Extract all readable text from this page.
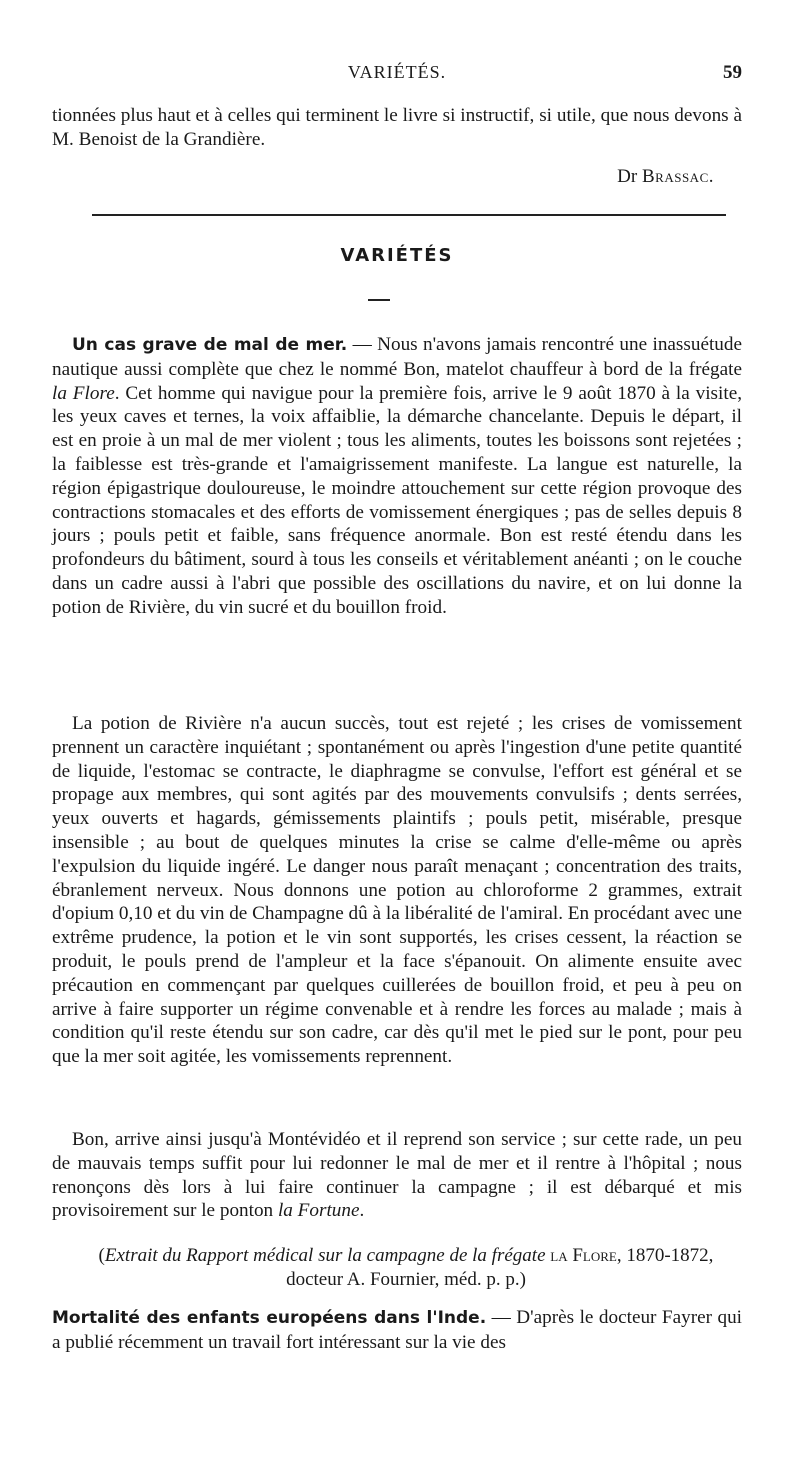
VARIÉTÉS.	59

tionnées plus haut et à celles qui terminent le livre si instructif, si utile, que nous devons à M. Benoist de la Grandière.

Dr Brassac.
VARIÉTÉS

Un cas grave de mal de mer. — Nous n'avons jamais rencontré une inassuétude nautique aussi complète que chez le nommé Bon, matelot chauffeur à bord de la frégate la Flore. Cet homme qui navigue pour la première fois, arrive le 9 août 1870 à la visite, les yeux caves et ternes, la voix affaiblie, la démarche chancelante. Depuis le départ, il est en proie à un mal de mer violent ; tous les aliments, toutes les boissons sont rejetées ; la faiblesse est très-grande et l'amaigrissement manifeste. La langue est naturelle, la région épigastrique douloureuse, le moindre attouchement sur cette région provoque des contractions stomacales et des efforts de vomissement énergiques ; pas de selles depuis 8 jours ; pouls petit et faible, sans fréquence anormale. Bon est resté étendu dans les profondeurs du bâtiment, sourd à tous les conseils et véritablement anéanti ; on le couche dans un cadre aussi à l'abri que possible des oscillations du navire, et on lui donne la potion de Rivière, du vin sucré et du bouillon froid.

La potion de Rivière n'a aucun succès, tout est rejeté ; les crises de vomissement prennent un caractère inquiétant ; spontanément ou après l'ingestion d'une petite quantité de liquide, l'estomac se contracte, le diaphragme se convulse, l'effort est général et se propage aux membres, qui sont agités par des mouvements convulsifs ; dents serrées, yeux ouverts et hagards, gémissements plaintifs ; pouls petit, misérable, presque insensible ; au bout de quelques minutes la crise se calme d'elle-même ou après l'expulsion du liquide ingéré. Le danger nous paraît menaçant ; concentration des traits, ébranlement nerveux. Nous donnons une potion au chloroforme 2 grammes, extrait d'opium 0,10 et du vin de Champagne dû à la libéralité de l'amiral. En procédant avec une extrême prudence, la potion et le vin sont supportés, les crises cessent, la réaction se produit, le pouls prend de l'ampleur et la face s'épanouit. On alimente ensuite avec précaution en commençant par quelques cuillerées de bouillon froid, et peu à peu on arrive à faire supporter un régime convenable et à rendre les forces au malade ; mais à condition qu'il reste étendu sur son cadre, car dès qu'il met le pied sur le pont, pour peu que la mer soit agitée, les vomissements reprennent.

Bon, arrive ainsi jusqu'à Montévidéo et il reprend son service ; sur cette rade, un peu de mauvais temps suffit pour lui redonner le mal de mer et il rentre à l'hôpital ; nous renonçons dès lors à lui faire continuer la campagne ; il est débarqué et mis provisoirement sur le ponton la Fortune.

(Extrait du Rapport médical sur la campagne de la frégate la Flore, 1870-1872, docteur A. Fournier, méd. p. p.)

Mortalité des enfants européens dans l'Inde. — D'après le docteur Fayrer qui a publié récemment un travail fort intéressant sur la vie des
